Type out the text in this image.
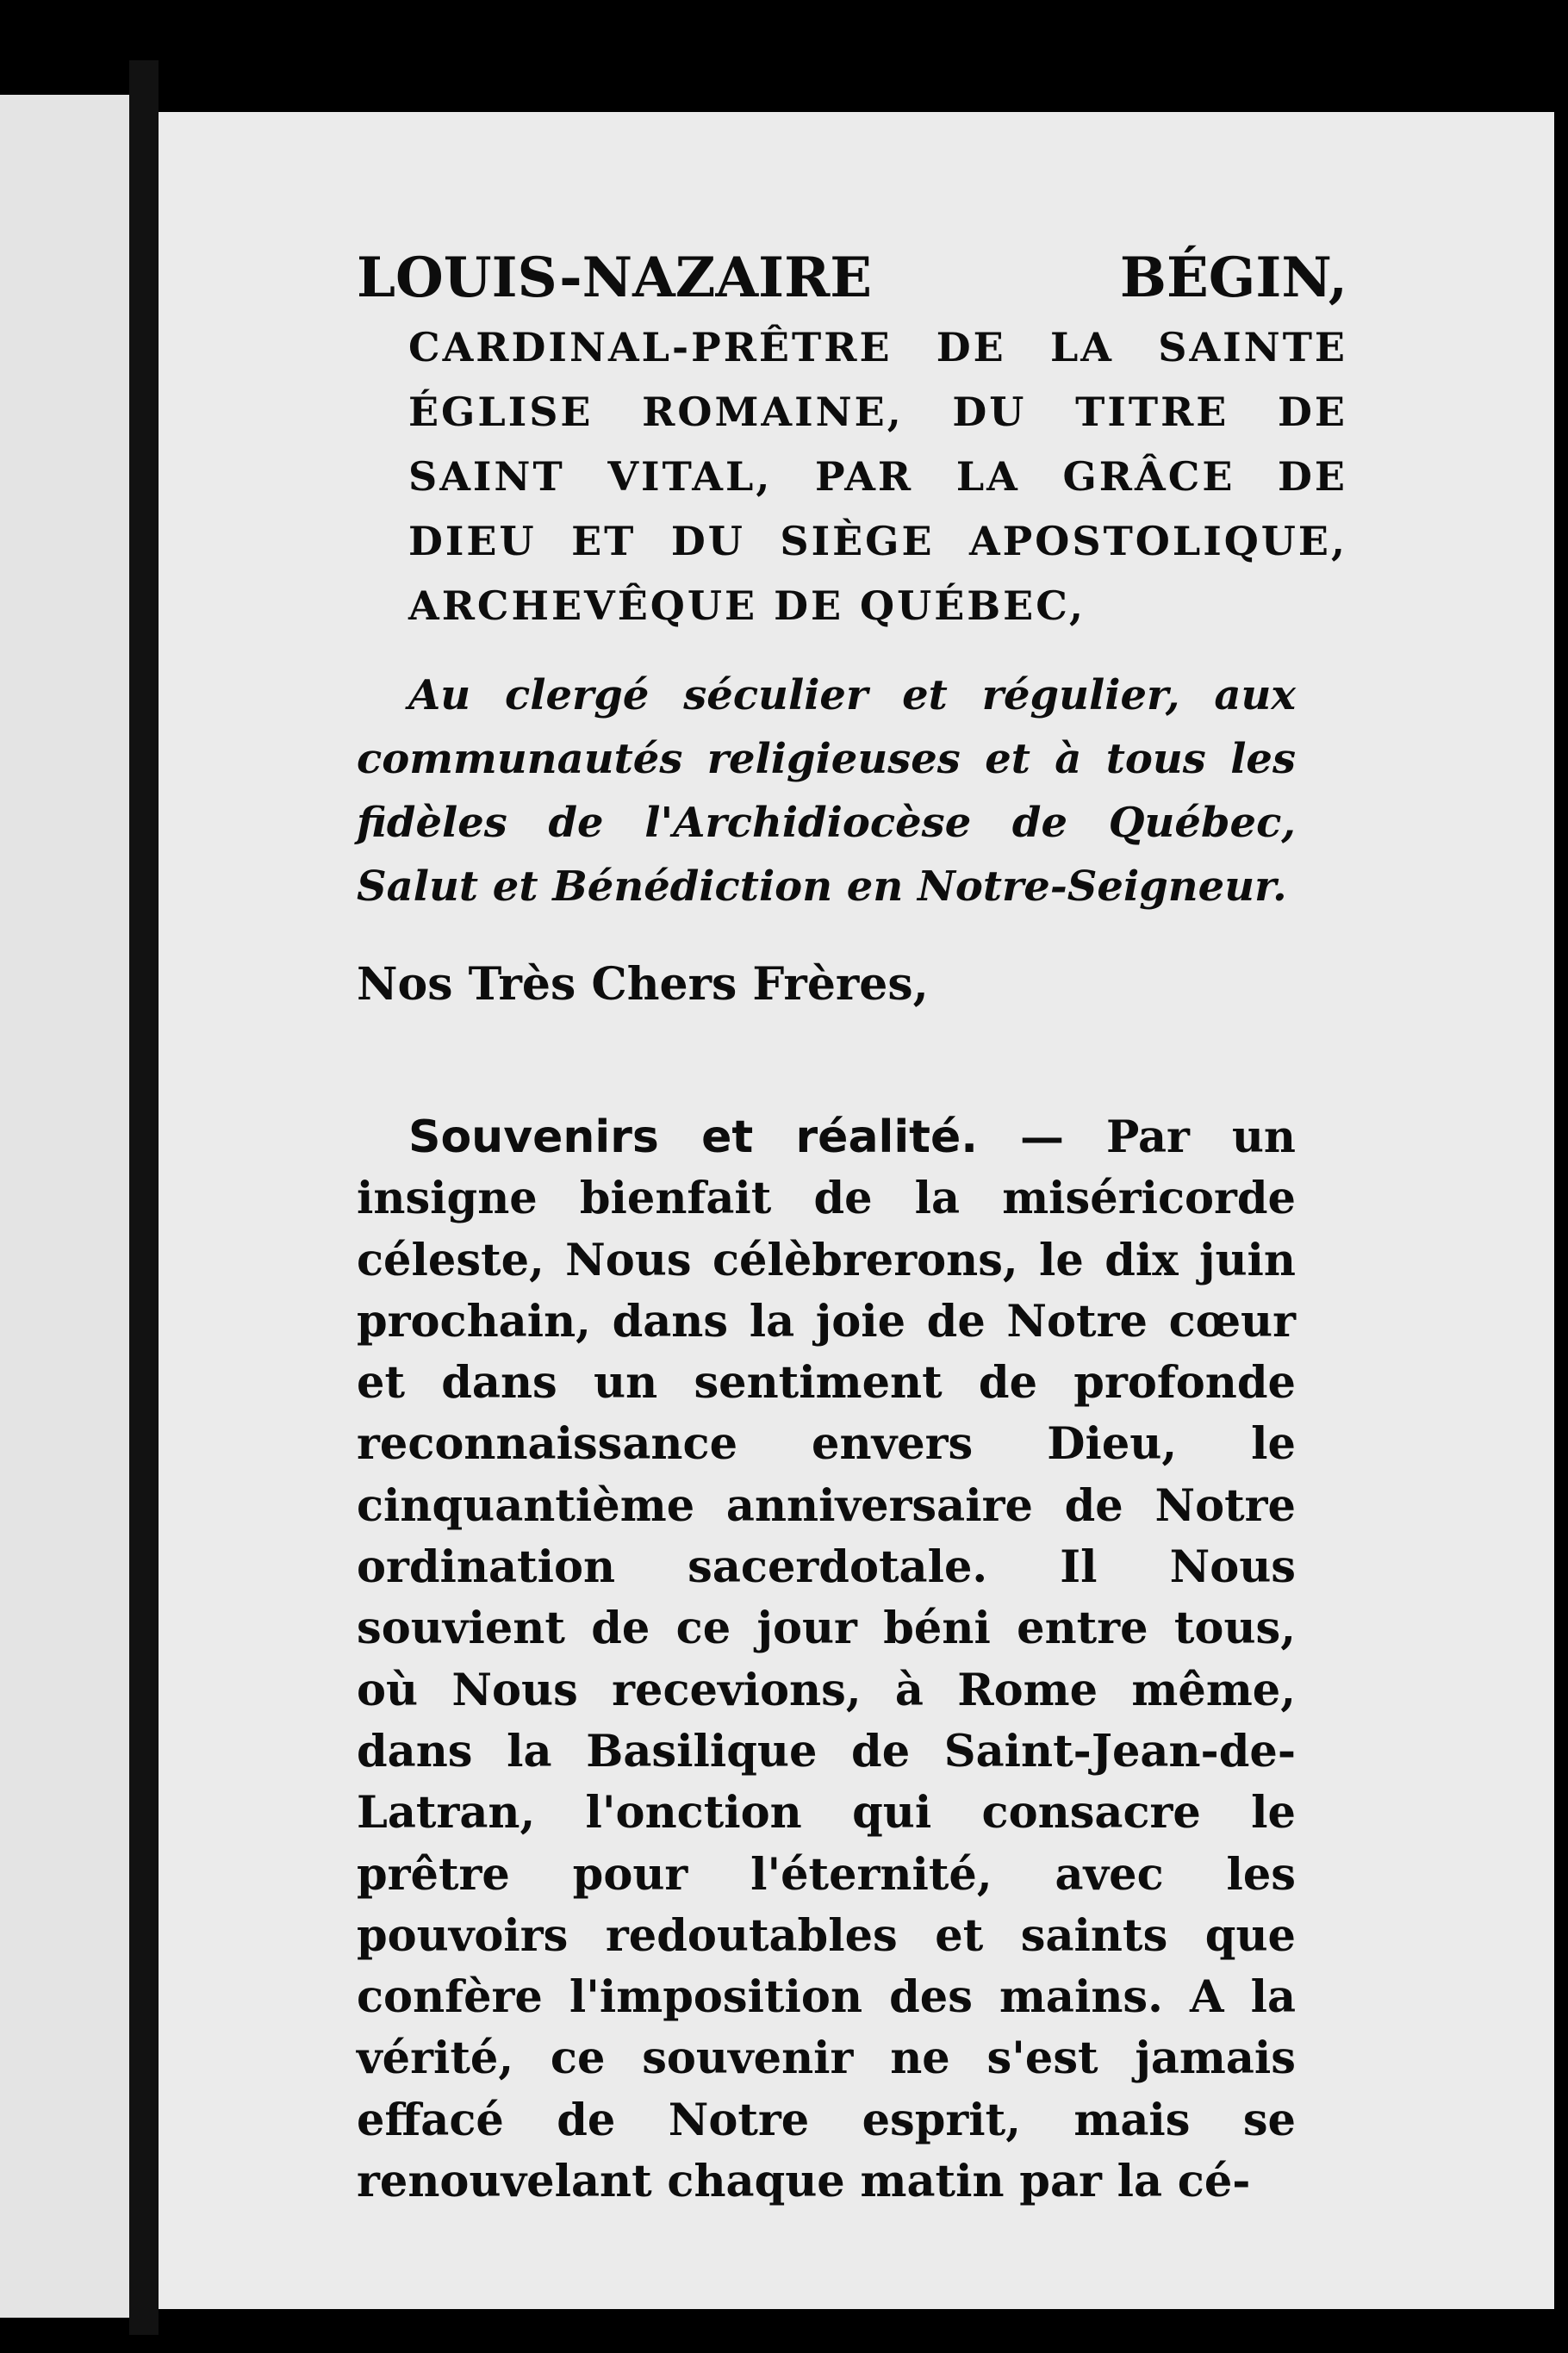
LOUIS-NAZAIRE BÉGIN, CARDINAL-PRÊTRE DE LA SAINTE ÉGLISE ROMAINE, DU TITRE DE SAINT VITAL, PAR LA GRÂCE DE DIEU ET DU SIÈGE APOSTOLIQUE, ARCHEVÊQUE DE QUÉBEC,
Au clergé séculier et régulier, aux communautés religieuses et à tous les fidèles de l'Archidiocèse de Québec, Salut et Bénédiction en Notre-Seigneur.
Nos Très Chers Frères,
Souvenirs et réalité. — Par un insigne bienfait de la miséricorde céleste, Nous célèbrerons, le dix juin prochain, dans la joie de Notre cœur et dans un sentiment de profonde reconnaissance envers Dieu, le cinquantième anniversaire de Notre ordination sacerdotale. Il Nous souvient de ce jour béni entre tous, où Nous recevions, à Rome même, dans la Basilique de Saint-Jean-de-Latran, l'onction qui consacre le prêtre pour l'éternité, avec les pouvoirs redoutables et saints que confère l'imposition des mains. A la vérité, ce souvenir ne s'est jamais effacé de Notre esprit, mais se renouvelant chaque matin par la cé-
